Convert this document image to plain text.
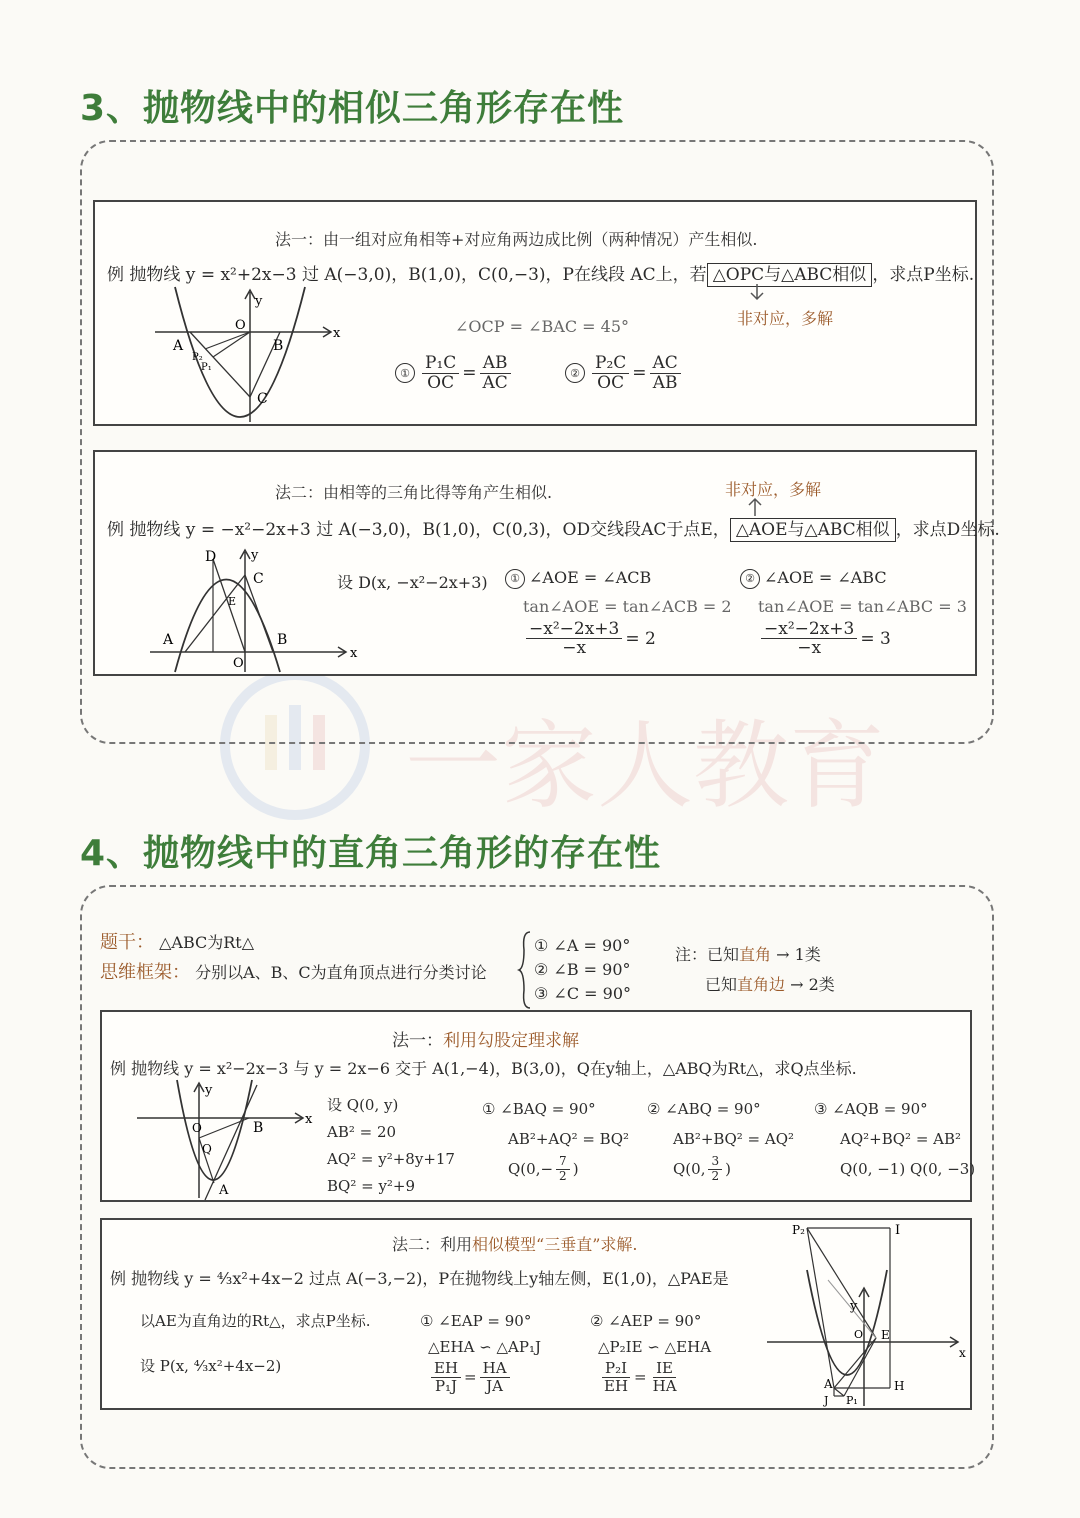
一家人教育
3、抛物线中的相似三角形存在性
法一：由一组对应角相等+对应角两边成比例（两种情况）产生相似.
例 抛物线 y = x²+2x−3 过 A(−3,0)，B(1,0)，C(0,−3)，P在线段 AC上，若 △OPC与△ABC相似 ，求点P坐标.
非对应，多解
∠OCP = ∠BAC = 45°
① $\frac{\text{P₁C}}{OC} = \frac{AB}{AC}$	② $\frac{\text{P₂C}}{OC} = \frac{AC}{AB}$
y
x
O
A	B
C
P₂
P₁
法二：由相等的三角比得等角产生相似.	非对应，多解
例 抛物线 y = −x²−2x+3 过 A(−3,0)，B(1,0)，C(0,3)，OD交线段AC于点E， △AOE与△ABC相似 ，求点D坐标.
设 D(x, −x²−2x+3)	① ∠AOE = ∠ACB
tan∠AOE = tan∠ACB = 2
$\frac{\text{−x²−2x+3}}{-x} = 2$
② ∠AOE = ∠ABC
tan∠AOE = tan∠ABC = 3
$\frac{\text{−x²−2x+3}}{-x} = 3$
D	y
C
E
A	B
O
x
4、抛物线中的直角三角形的存在性
题干： △ABC为Rt△
思维框架： 分别以A、B、C为直角顶点进行分类讨论
① ∠A = 90°
② ∠B = 90°
③ ∠C = 90°
注：已知直角 → 1类
已知直角边 → 2类
法一：利用勾股定理求解
例 抛物线 y = x²−2x−3 与 y = 2x−6 交于 A(1,−4)，B(3,0)，Q在y轴上，△ABQ为Rt△，求Q点坐标.
设 Q(0, y)
AB² = 20
AQ² = y²+8y+17
BQ² = y²+9
① ∠BAQ = 90°
AB²+AQ² = BQ²
Q(0, − $\frac{7}{2}$ )
② ∠ABQ = 90°
AB²+BQ² = AQ²
Q(0, $\frac{3}{2}$ )
③ ∠AQB = 90°
AQ²+BQ² = AB²
Q(0, −1) Q(0, −3)
y
x
O
Q
B
A
法二：利用相似模型“三垂直”求解.
例 抛物线 y = ⁴⁄₃x²+4x−2 过点 A(−3,−2)，P在抛物线上y轴左侧，E(1,0)，△PAE是
以AE为直角边的Rt△，求点P坐标.
设 P(x, ⁴⁄₃x²+4x−2)
① ∠EAP = 90°
△EHA ∽ △AP₁J
$\frac{EH}{\text{P₁J}} = \frac{HA}{JA}$
② ∠AEP = 90°
△P₂IE ∽ △EHA
$\frac{\text{P₂I}}{EH} = \frac{IE}{HA}$
P₂	I
y
O E
x
A
J P₁
H
